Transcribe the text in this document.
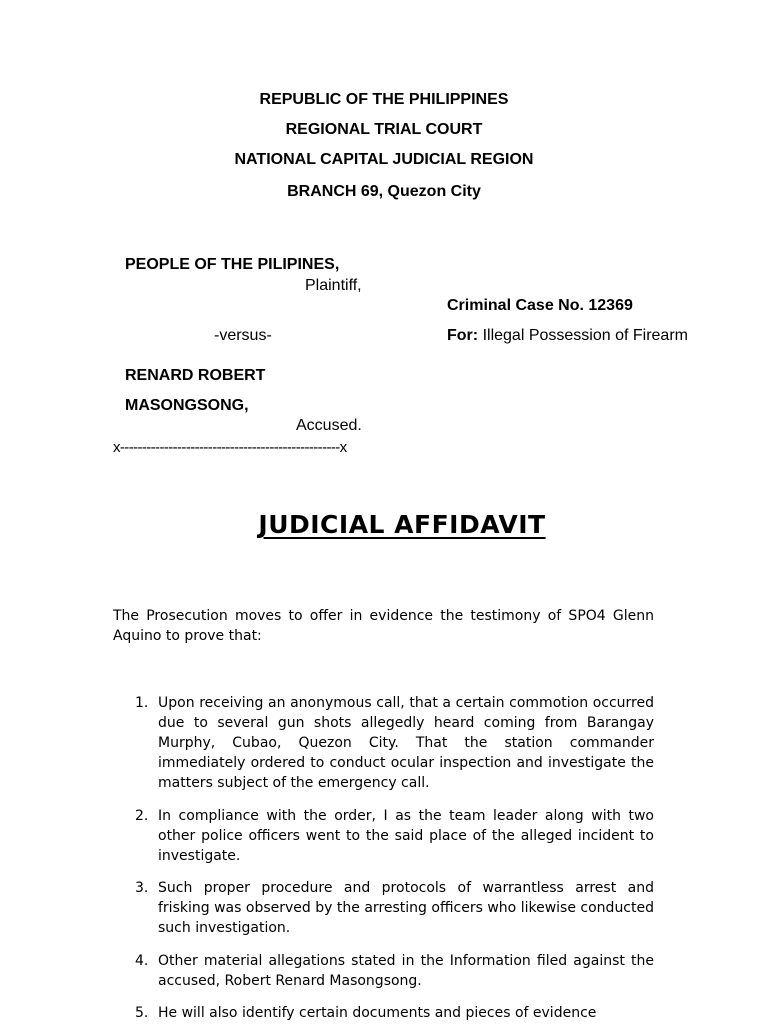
REPUBLIC OF THE PHILIPPINES
REGIONAL TRIAL COURT
NATIONAL CAPITAL JUDICIAL REGION
BRANCH 69, Quezon City
PEOPLE OF THE PILIPINES,
Plaintiff,
-versus-
RENARD ROBERT
MASONGSONG,
Accused.
x--------------------------------------------------x
Criminal Case No. 12369
For: Illegal Possession of Firearm
JUDICIAL AFFIDAVIT
The Prosecution moves to offer in evidence the testimony of SPO4 Glenn Aquino to prove that:
1. Upon receiving an anonymous call, that a certain commotion occurred due to several gun shots allegedly heard coming from Barangay Murphy, Cubao, Quezon City. That the station commander immediately ordered to conduct ocular inspection and investigate the matters subject of the emergency call.
2. In compliance with the order, I as the team leader along with two other police officers went to the said place of the alleged incident to investigate.
3. Such proper procedure and protocols of warrantless arrest and frisking was observed by the arresting officers who likewise conducted such investigation.
4. Other material allegations stated in the Information filed against the accused, Robert Renard Masongsong.
5. He will also identify certain documents and pieces of evidence
